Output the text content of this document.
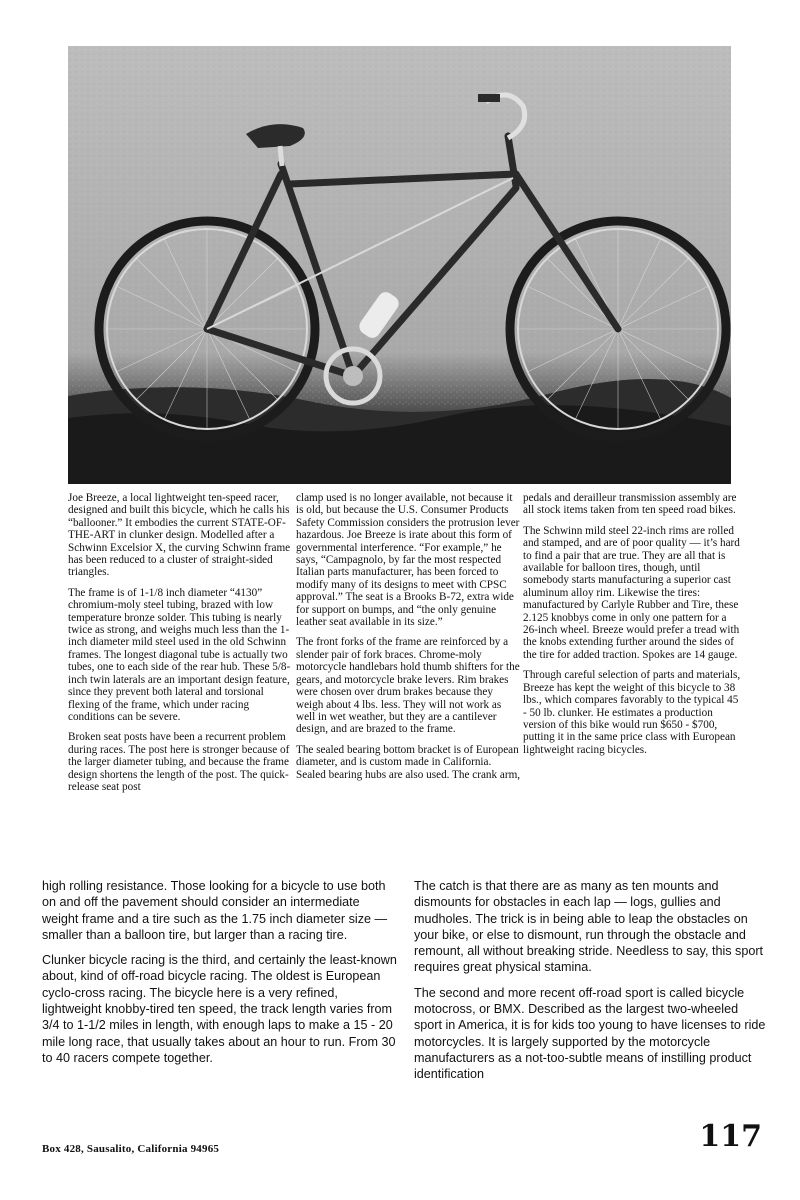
Joe Breeze, a local lightweight ten-speed racer, designed and built this bicycle, which he calls his “ballooner.” It embodies the current STATE-OF-THE-ART in clunker design. Modelled after a Schwinn Excelsior X, the curving Schwinn frame has been reduced to a cluster of straight-sided triangles.

The frame is of 1-1/8 inch diameter “4130” chromium-moly steel tubing, brazed with low temperature bronze solder. This tubing is nearly twice as strong, and weighs much less than the 1-inch diameter mild steel used in the old Schwinn frames. The longest diagonal tube is actually two tubes, one to each side of the rear hub. These 5/8-inch twin laterals are an important design feature, since they prevent both lateral and torsional flexing of the frame, which under racing conditions can be severe.

Broken seat posts have been a recurrent problem during races. The post here is stronger because of the larger diameter tubing, and because the frame design shortens the length of the post. The quick-release seat post

clamp used is no longer available, not because it is old, but because the U.S. Consumer Products Safety Commission considers the protrusion lever hazardous. Joe Breeze is irate about this form of governmental interference. “For example,” he says, “Campagnolo, by far the most respected Italian parts manufacturer, has been forced to modify many of its designs to meet with CPSC approval.” The seat is a Brooks B-72, extra wide for support on bumps, and “the only genuine leather seat available in its size.”

The front forks of the frame are reinforced by a slender pair of fork braces. Chrome-moly motorcycle handlebars hold thumb shifters for the gears, and motorcycle brake levers. Rim brakes were chosen over drum brakes because they weigh about 4 lbs. less. They will not work as well in wet weather, but they are a cantilever design, and are brazed to the frame.

The sealed bearing bottom bracket is of European diameter, and is custom made in California. Sealed bearing hubs are also used. The crank arm,

pedals and derailleur transmission assembly are all stock items taken from ten speed road bikes.

The Schwinn mild steel 22-inch rims are rolled and stamped, and are of poor quality — it’s hard to find a pair that are true. They are all that is available for balloon tires, though, until somebody starts manufacturing a superior cast aluminum alloy rim. Likewise the tires: manufactured by Carlyle Rubber and Tire, these 2.125 knobbys come in only one pattern for a 26-inch wheel. Breeze would prefer a tread with the knobs extending further around the sides of the tire for added traction. Spokes are 14 gauge.

Through careful selection of parts and materials, Breeze has kept the weight of this bicycle to 38 lbs., which compares favorably to the typical 45 - 50 lb. clunker. He estimates a production version of this bike would run $650 - $700, putting it in the same price class with European lightweight racing bicycles.

high rolling resistance. Those looking for a bicycle to use both on and off the pavement should consider an intermediate weight frame and a tire such as the 1.75 inch diameter size — smaller than a balloon tire, but larger than a racing tire.

Clunker bicycle racing is the third, and certainly the least-known about, kind of off-road bicycle racing. The oldest is European cyclo-cross racing. The bicycle here is a very refined, lightweight knobby-tired ten speed, the track length varies from 3/4 to 1-1/2 miles in length, with enough laps to make a 15 - 20 mile long race, that usually takes about an hour to run. From 30 to 40 racers compete together.

The catch is that there are as many as ten mounts and dismounts for obstacles in each lap — logs, gullies and mudholes. The trick is in being able to leap the obstacles on your bike, or else to dismount, run through the obstacle and remount, all without breaking stride. Needless to say, this sport requires great physical stamina.

The second and more recent off-road sport is called bicycle motocross, or BMX. Described as the largest two-wheeled sport in America, it is for kids too young to have licenses to ride motorcycles. It is largely supported by the motorcycle manufacturers as a not-too-subtle means of instilling product identification

Box 428, Sausalito, California 94965	117
